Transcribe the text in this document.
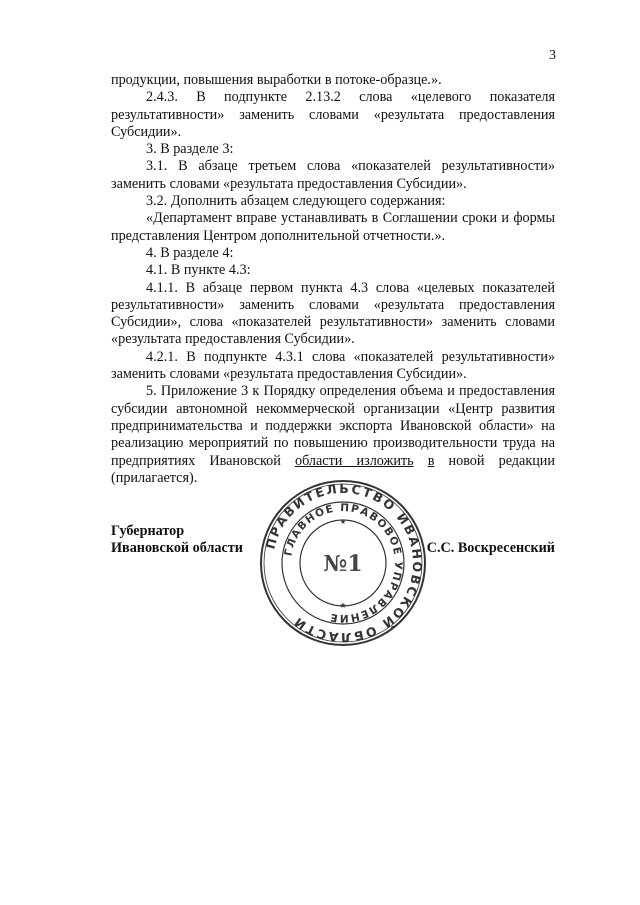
3

продукции, повышения выработки в потоке-образце.».

2.4.3. В подпункте 2.13.2 слова «целевого показателя

результативности» заменить словами «результата предоставления Субсидии».

3. В разделе 3:

3.1. В абзаце третьем слова «показателей результативности»

заменить словами «результата предоставления Субсидии».

3.2. Дополнить абзацем следующего содержания:

«Департамент вправе устанавливать в Соглашении сроки и формы

представления Центром дополнительной отчетности.».

4. В разделе 4:

4.1. В пункте 4.3:

4.1.1. В абзаце первом пункта 4.3 слова «целевых показателей

результативности» заменить словами «результата предоставления Субсидии», слова «показателей результативности» заменить словами «результата предоставления Субсидии».

4.2.1. В подпункте 4.3.1 слова «показателей результативности»

заменить словами «результата предоставления Субсидии».

5. Приложение 3 к Порядку определения объема и предоставления

субсидии автономной некоммерческой организации «Центр развития предпринимательства и поддержки экспорта Ивановской области» на реализацию мероприятий по повышению производительности труда на предприятиях Ивановской области изложить в новой редакции (прилагается).

Губернатор
Ивановской области	С.С. Воскресенский
ПРАВИТЕЛЬСТВО ИВАНОВСКОЙ ОБЛАСТИ
ГЛАВНОЕ ПРАВОВОЕ УПРАВЛЕНИЕ
№1
★
★
